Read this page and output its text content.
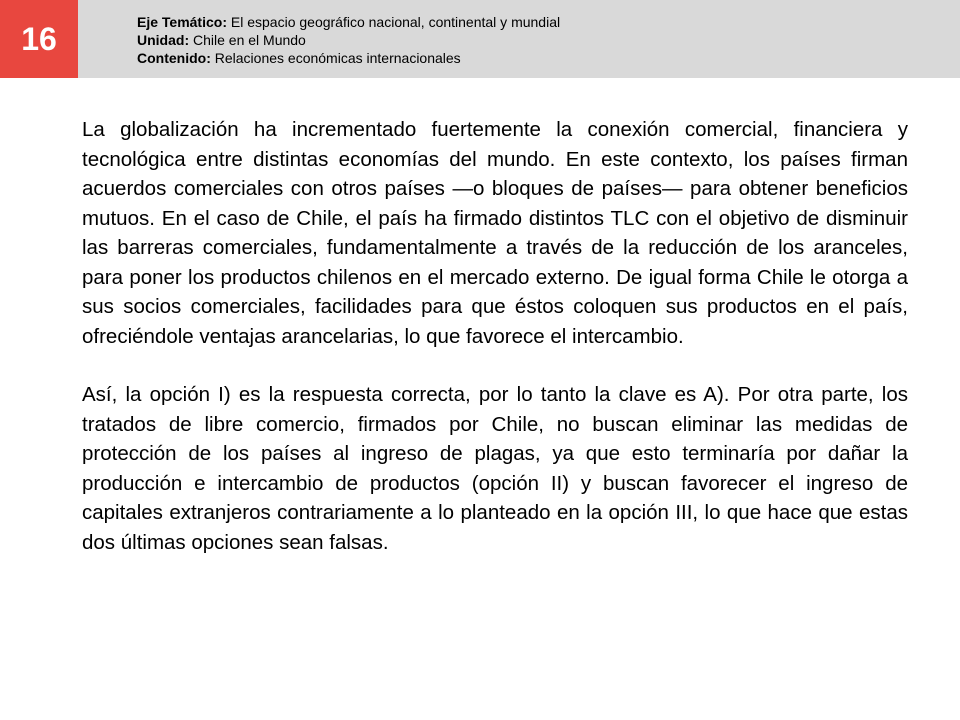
16	Eje Temático: El espacio geográfico nacional, continental y mundial
Unidad: Chile en el Mundo
Contenido: Relaciones económicas internacionales

La globalización ha incrementado fuertemente la conexión comercial, financiera y tecnológica entre distintas economías del mundo. En este contexto, los países firman acuerdos comerciales con otros países —o bloques de países— para obtener beneficios mutuos. En el caso de Chile, el país ha firmado distintos TLC con el objetivo de disminuir las barreras comerciales, fundamentalmente a través de la reducción de los aranceles, para poner los productos chilenos en el mercado externo. De igual forma Chile le otorga a sus socios comerciales, facilidades para que éstos coloquen sus productos en el país, ofreciéndole ventajas arancelarias, lo que favorece el intercambio.

Así, la opción I) es la respuesta correcta, por lo tanto la clave es A). Por otra parte, los tratados de libre comercio, firmados por Chile, no buscan eliminar las medidas de protección de los países al ingreso de plagas, ya que esto terminaría por dañar la producción e intercambio de productos (opción II) y buscan favorecer el ingreso de capitales extranjeros contrariamente a lo planteado en la opción III, lo que hace que estas dos últimas opciones sean falsas.
